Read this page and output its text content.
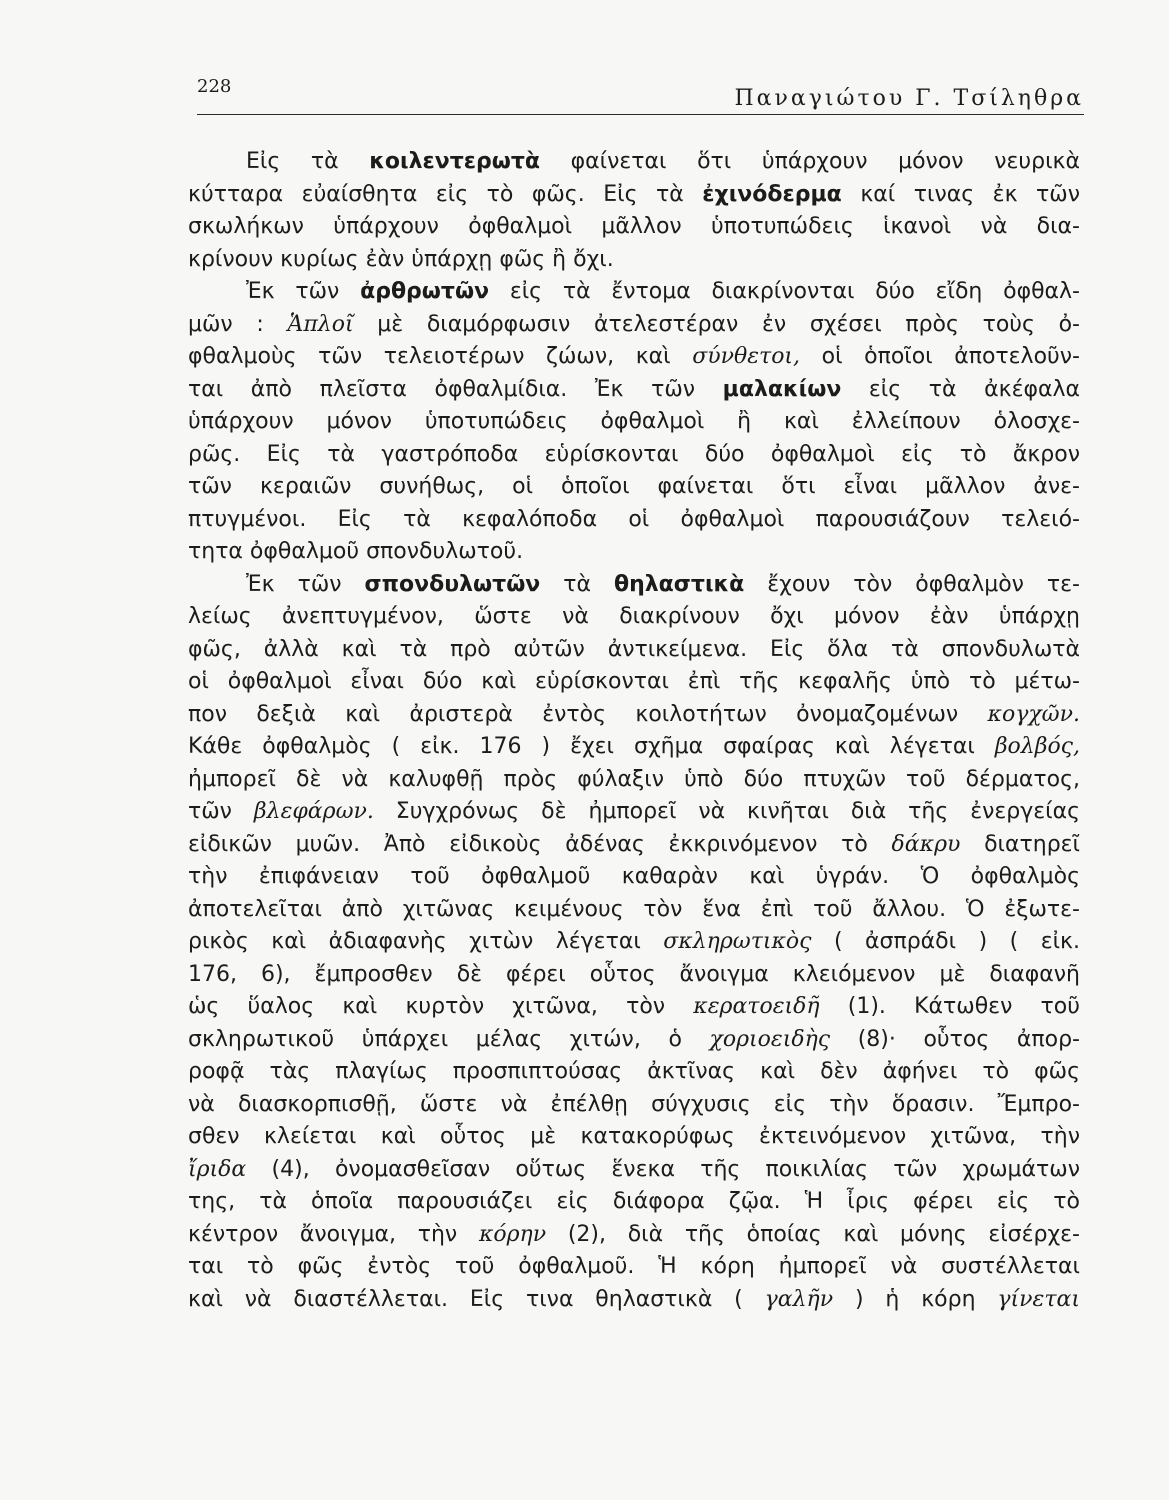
228	Παναγιώτου Γ. Τσίληθρα
Εἰς τὰ κοιλεντερωτὰ φαίνεται ὅτι ὑπάρχουν μόνον νευρικὰ
κύτταρα εὐαίσθητα εἰς τὸ φῶς. Εἰς τὰ ἐχινόδερμα καί τινας ἐκ τῶν
σκωλήκων ὑπάρχουν ὀφθαλμοὶ μᾶλλον ὑποτυπώδεις ἱκανοὶ νὰ δια-
κρίνουν κυρίως ἐὰν ὑπάρχῃ φῶς ἢ ὄχι.
Ἐκ τῶν ἀρθρωτῶν εἰς τὰ ἔντομα διακρίνονται δύο εἴδη ὀφθαλ-
μῶν : Ἁπλοῖ μὲ διαμόρφωσιν ἀτελεστέραν ἐν σχέσει πρὸς τοὺς ὀ-
φθαλμοὺς τῶν τελειοτέρων ζώων, καὶ σύνθετοι, οἱ ὁποῖοι ἀποτελοῦν-
ται ἀπὸ πλεῖστα ὀφθαλμίδια. Ἐκ τῶν μαλακίων εἰς τὰ ἀκέφαλα
ὑπάρχουν μόνον ὑποτυπώδεις ὀφθαλμοὶ ἢ καὶ ἐλλείπουν ὁλοσχε-
ρῶς. Εἰς τὰ γαστρόποδα εὑρίσκονται δύο ὀφθαλμοὶ εἰς τὸ ἄκρον
τῶν κεραιῶν συνήθως, οἱ ὁποῖοι φαίνεται ὅτι εἶναι μᾶλλον ἀνε-
πτυγμένοι. Εἰς τὰ κεφαλόποδα οἱ ὀφθαλμοὶ παρουσιάζουν τελειό-
τητα ὀφθαλμοῦ σπονδυλωτοῦ.
Ἐκ τῶν σπονδυλωτῶν τὰ θηλαστικὰ ἔχουν τὸν ὀφθαλμὸν τε-
λείως ἀνεπτυγμένον, ὥστε νὰ διακρίνουν ὄχι μόνον ἐὰν ὑπάρχῃ
φῶς, ἀλλὰ καὶ τὰ πρὸ αὐτῶν ἀντικείμενα. Εἰς ὅλα τὰ σπονδυλωτὰ
οἱ ὀφθαλμοὶ εἶναι δύο καὶ εὑρίσκονται ἐπὶ τῆς κεφαλῆς ὑπὸ τὸ μέτω-
πον δεξιὰ καὶ ἀριστερὰ ἐντὸς κοιλοτήτων ὀνομαζομένων κογχῶν.
Κάθε ὀφθαλμὸς ( εἰκ. 176 ) ἔχει σχῆμα σφαίρας καὶ λέγεται βολβός,
ἠμπορεῖ δὲ νὰ καλυφθῇ πρὸς φύλαξιν ὑπὸ δύο πτυχῶν τοῦ δέρματος,
τῶν βλεφάρων. Συγχρόνως δὲ ἠμπορεῖ νὰ κινῆται διὰ τῆς ἐνεργείας
εἰδικῶν μυῶν. Ἀπὸ εἰδικοὺς ἀδένας ἐκκρινόμενον τὸ δάκρυ διατηρεῖ
τὴν ἐπιφάνειαν τοῦ ὀφθαλμοῦ καθαρὰν καὶ ὑγράν. Ὁ ὀφθαλμὸς
ἀποτελεῖται ἀπὸ χιτῶνας κειμένους τὸν ἕνα ἐπὶ τοῦ ἄλλου. Ὁ ἐξωτε-
ρικὸς καὶ ἀδιαφανὴς χιτὼν λέγεται σκληρωτικὸς ( ἀσπράδι ) ( εἰκ.
176, 6), ἔμπροσθεν δὲ φέρει οὗτος ἄνοιγμα κλειόμενον μὲ διαφανῆ
ὡς ὕαλος καὶ κυρτὸν χιτῶνα, τὸν κερατοειδῆ (1). Κάτωθεν τοῦ
σκληρωτικοῦ ὑπάρχει μέλας χιτών, ὁ χοριοειδὴς (8)· οὗτος ἀπορ-
ροφᾷ τὰς πλαγίως προσπιπτούσας ἀκτῖνας καὶ δὲν ἀφήνει τὸ φῶς
νὰ διασκορπισθῇ, ὥστε νὰ ἐπέλθῃ σύγχυσις εἰς τὴν ὅρασιν. Ἔμπρο-
σθεν κλείεται καὶ οὗτος μὲ κατακορύφως ἐκτεινόμενον χιτῶνα, τὴν
ἴριδα (4), ὀνομασθεῖσαν οὕτως ἕνεκα τῆς ποικιλίας τῶν χρωμάτων
της, τὰ ὁποῖα παρουσιάζει εἰς διάφορα ζῷα. Ἡ ἶρις φέρει εἰς τὸ
κέντρον ἄνοιγμα, τὴν κόρην (2), διὰ τῆς ὁποίας καὶ μόνης εἰσέρχε-
ται τὸ φῶς ἐντὸς τοῦ ὀφθαλμοῦ. Ἡ κόρη ἠμπορεῖ νὰ συστέλλεται
καὶ νὰ διαστέλλεται. Εἰς τινα θηλαστικὰ ( γαλῆν ) ἡ κόρη γίνεται
